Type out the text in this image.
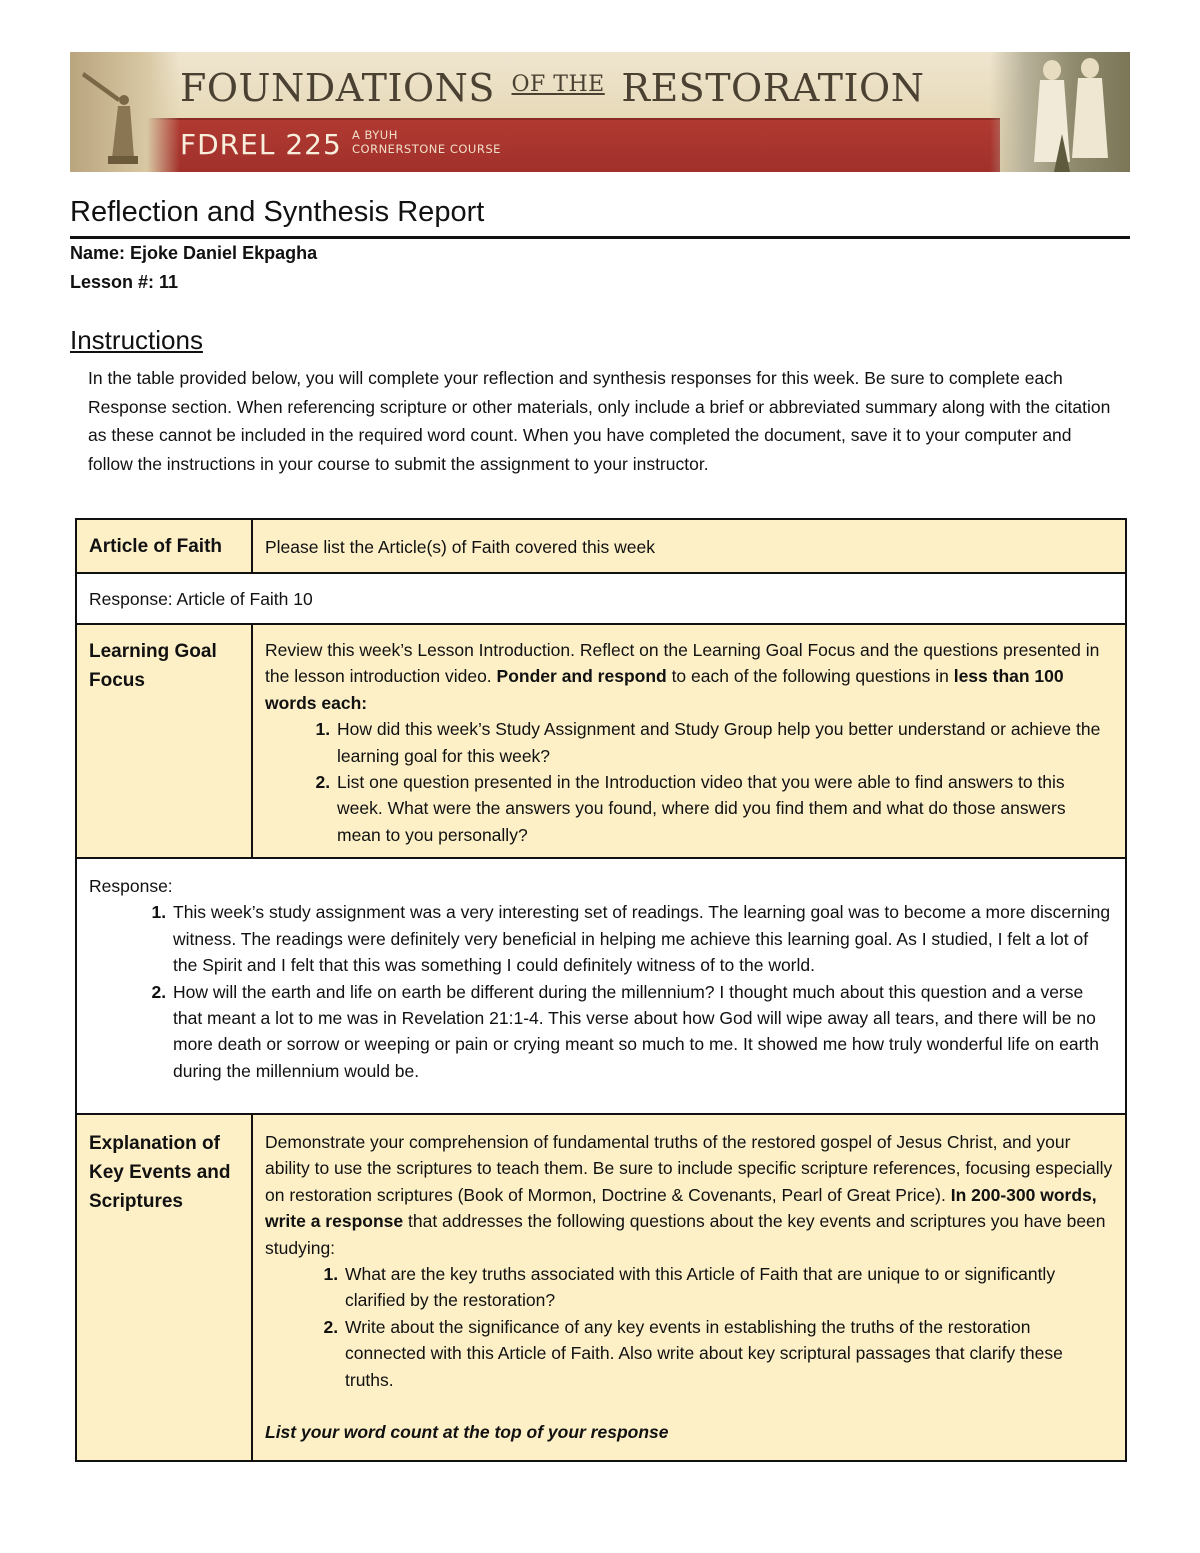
FOUNDATIONS $^{OF THE}$ RESTORATION
FDREL 225 A BYUH
CORNERSTONE COURSE
Reflection and Synthesis Report
Name: Ejoke Daniel Ekpagha
Lesson #: 11
Instructions

In the table provided below, you will complete your reflection and synthesis responses for this week. Be sure to complete each Response section. When referencing scripture or other materials, only include a brief or abbreviated summary along with the citation as these cannot be included in the required word count. When you have completed the document, save it to your computer and follow the instructions in your course to submit the assignment to your instructor.

Article of Faith	Please list the Article(s) of Faith covered this week
Response: Article of Faith 10
Learning Goal Focus

Review this week’s Lesson Introduction. Reflect on the Learning Goal Focus and the questions presented in the lesson introduction video. Ponder and respond to each of the following questions in less than 100 words each:

1. How did this week’s Study Assignment and Study Group help you better understand or achieve the learning goal for this week?
2. List one question presented in the Introduction video that you were able to find answers to this week. What were the answers you found, where did you find them and what do those answers mean to you personally?

Response:

1. This week’s study assignment was a very interesting set of readings. The learning goal was to become a more discerning witness. The readings were definitely very beneficial in helping me achieve this learning goal. As I studied, I felt a lot of the Spirit and I felt that this was something I could definitely witness of to the world.
2. How will the earth and life on earth be different during the millennium? I thought much about this question and a verse that meant a lot to me was in Revelation 21:1-4. This verse about how God will wipe away all tears, and there will be no more death or sorrow or weeping or pain or crying meant so much to me. It showed me how truly wonderful life on earth during the millennium would be.
Explanation of Key Events and Scriptures

Demonstrate your comprehension of fundamental truths of the restored gospel of Jesus Christ, and your ability to use the scriptures to teach them. Be sure to include specific scripture references, focusing especially on restoration scriptures (Book of Mormon, Doctrine & Covenants, Pearl of Great Price). In 200-300 words, write a response that addresses the following questions about the key events and scriptures you have been studying:

1. What are the key truths associated with this Article of Faith that are unique to or significantly clarified by the restoration?
2. Write about the significance of any key events in establishing the truths of the restoration connected with this Article of Faith. Also write about key scriptural passages that clarify these truths.

List your word count at the top of your response
